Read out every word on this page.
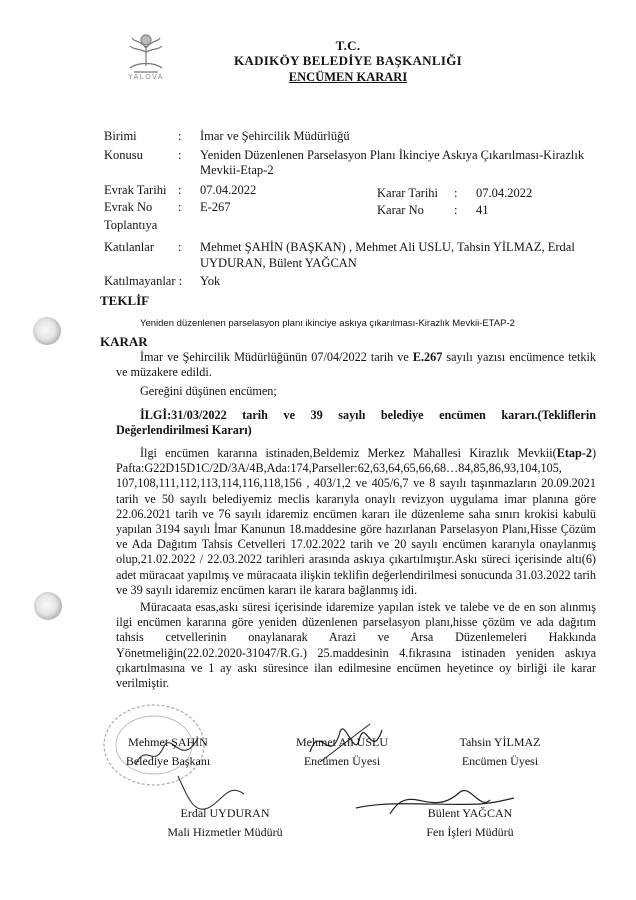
YALOVA
T.C.
KADIKÖY BELEDİYE BAŞKANLIĞI
ENCÜMEN KARARI
Birimi	: İmar ve Şehircilik Müdürlüğü
Konusu	: Yeniden Düzenlenen Parselasyon Planı İkinciye Askıya Çıkarılması-Kirazlık
Mevkii-Etap-2
Evrak Tarihi : 07.04.2022	Karar Tarihi : 07.04.2022
Evrak No : E-267	Karar No : 41
Toplantıya
Katılanlar : Mehmet ŞAHİN (BAŞKAN) , Mehmet Ali USLU, Tahsin YİLMAZ, Erdal
UYDURAN, Bülent YAĞCAN
Katılmayanlar : Yok
TEKLİF
Yeniden düzenlenen parselasyon planı ikinciye askıya çıkarılması-Kirazlık Mevkii-ETAP-2
KARAR
İmar ve Şehircilik Müdürlüğünün 07/04/2022 tarih ve E.267 sayılı yazısı encümence tetkik ve müzakere edildi.
Gereğini düşünen encümen;
İLGİ:31/03/2022 tarih ve 39 sayılı belediye encümen kararı.(Tekliflerin Değerlendirilmesi Kararı)
İlgi encümen kararına istinaden,Beldemiz Merkez Mahallesi Kirazlık Mevkii(Etap-2) Pafta:G22D15D1C/2D/3A/4B,Ada:174,Parseller:62,63,64,65,66,68…84,85,86,93,104,105, 107,108,111,112,113,114,116,118,156 , 403/1,2 ve 405/6,7 ve 8 sayılı taşınmazların 20.09.2021 tarih ve 50 sayılı belediyemiz meclis kararıyla onaylı revizyon uygulama imar planına göre 22.06.2021 tarih ve 76 sayılı idaremiz encümen kararı ile düzenleme saha sınırı krokisi kabulü yapılan 3194 sayılı İmar Kanunun 18.maddesine göre hazırlanan Parselasyon Planı,Hisse Çözüm ve Ada Dağıtım Tahsis Cetvelleri 17.02.2022 tarih ve 20 sayılı encümen kararıyla onaylanmış olup,21.02.2022 / 22.03.2022 tarihleri arasında askıya çıkartılmıştır.Askı süreci içerisinde altı(6) adet müracaat yapılmış ve müracaata ilişkin teklifin değerlendirilmesi sonucunda 31.03.2022 tarih ve 39 sayılı idaremiz encümen kararı ile karara bağlanmış idi.
Müracaata esas,askı süresi içerisinde idaremize yapılan istek ve talebe ve de en son alınmış ilgi encümen kararına göre yeniden düzenlenen parselasyon planı,hisse çözüm ve ada dağıtım tahsis cetvellerinin onaylanarak Arazi ve Arsa Düzenlemeleri Hakkında Yönetmeliğin(22.02.2020-31047/R.G.) 25.maddesinin 4.fıkrasına istinaden yeniden askıya çıkartılmasına ve 1 ay askı süresince ilan edilmesine encümen heyetince oy birliği ile karar verilmiştir.
Mehmet ŞAHİN
Belediye Başkanı
Mehmet Ali USLU
Encümen Üyesi
Tahsin YİLMAZ
Encümen Üyesi
Erdal UYDURAN
Mali Hizmetler Müdürü
Bülent YAĞCAN
Fen İşleri Müdürü
